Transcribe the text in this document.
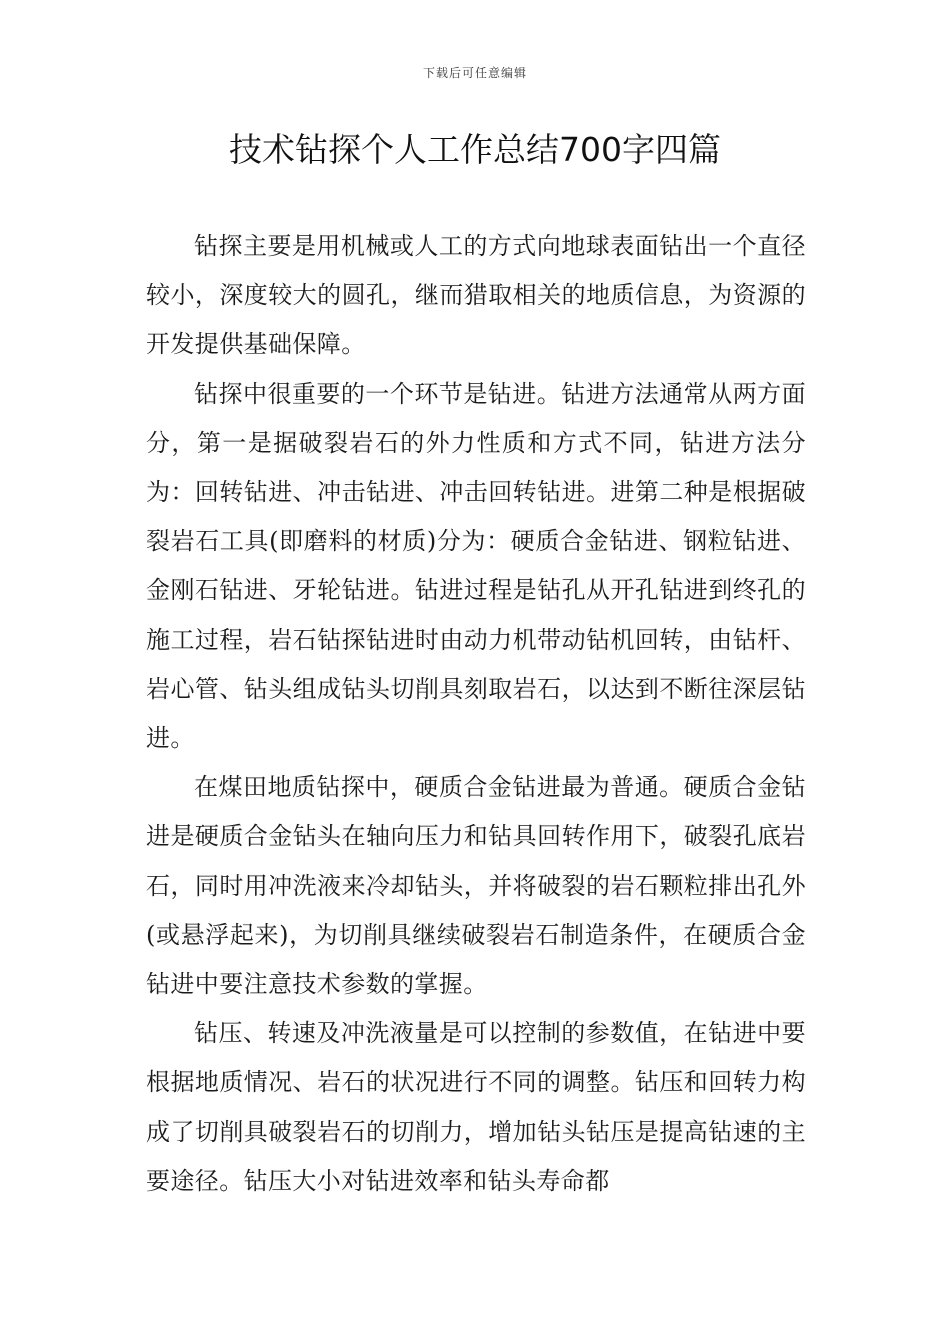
下载后可任意编辑
技术钻探个人工作总结700字四篇

钻探主要是用机械或人工的方式向地球表面钻出一个直径较小，深度较大的圆孔，继而猎取相关的地质信息，为资源的开发提供基础保障。

钻探中很重要的一个环节是钻进。钻进方法通常从两方面分，第一是据破裂岩石的外力性质和方式不同，钻进方法分为：回转钻进、冲击钻进、冲击回转钻进。进第二种是根据破裂岩石工具(即磨料的材质)分为：硬质合金钻进、钢粒钻进、金刚石钻进、牙轮钻进。钻进过程是钻孔从开孔钻进到终孔的施工过程，岩石钻探钻进时由动力机带动钻机回转，由钻杆、岩心管、钻头组成钻头切削具刻取岩石，以达到不断往深层钻进。

在煤田地质钻探中，硬质合金钻进最为普通。硬质合金钻进是硬质合金钻头在轴向压力和钻具回转作用下，破裂孔底岩石，同时用冲洗液来冷却钻头，并将破裂的岩石颗粒排出孔外(或悬浮起来)，为切削具继续破裂岩石制造条件，在硬质合金钻进中要注意技术参数的掌握。

钻压、转速及冲洗液量是可以控制的参数值，在钻进中要根据地质情况、岩石的状况进行不同的调整。钻压和回转力构成了切削具破裂岩石的切削力，增加钻头钻压是提高钻速的主要途径。钻压大小对钻进效率和钻头寿命都
